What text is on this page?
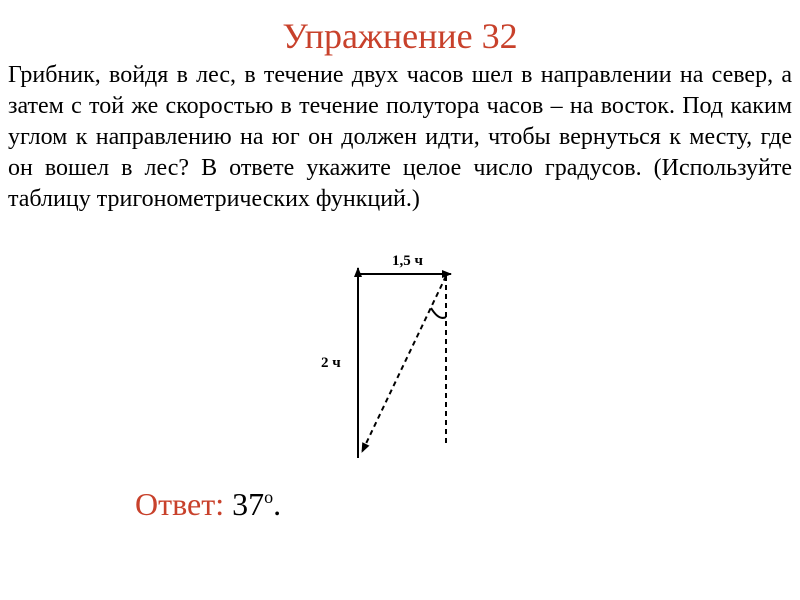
Упражнение 32
Грибник, войдя в лес, в течение двух часов шел в направлении на север, а затем с той же скоростью в течение полутора часов – на восток. Под каким углом к направлению на юг он должен идти, чтобы вернуться к месту, где он вошел в лес? В ответе укажите целое число градусов. (Используйте таблицу тригонометрических функций.)
1,5 ч
2 ч
Ответ: $37^о$.
